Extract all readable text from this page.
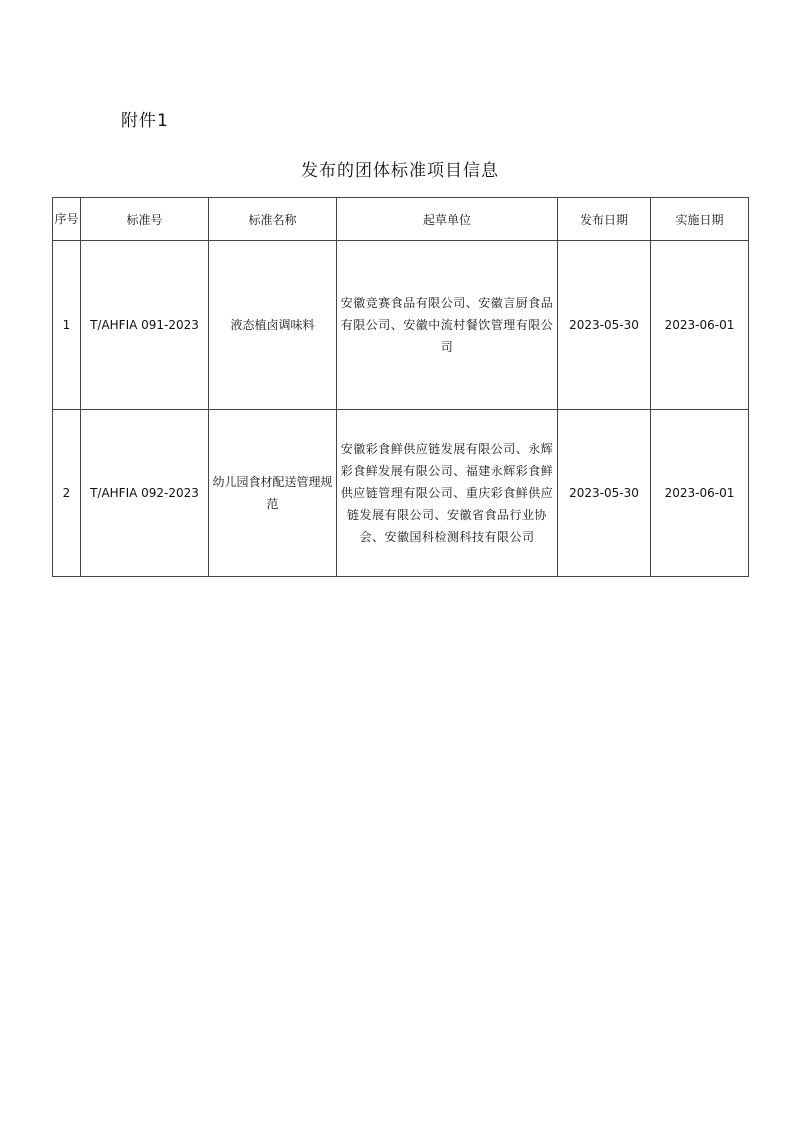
附件1
发布的团体标准项目信息
序号	标准号	标准名称	起草单位	发布日期	实施日期
1	T/AHFIA 091-2023	液态植卤调味料	安徽竞赛食品有限公司、安徽言厨食品有限公司、安徽中流村餐饮管理有限公司	2023-05-30	2023-06-01
2	T/AHFIA 092-2023	幼儿园食材配送管理规范	安徽彩食鲜供应链发展有限公司、永辉彩食鲜发展有限公司、福建永辉彩食鲜供应链管理有限公司、重庆彩食鲜供应链发展有限公司、安徽省食品行业协会、安徽国科检测科技有限公司	2023-05-30	2023-06-01
